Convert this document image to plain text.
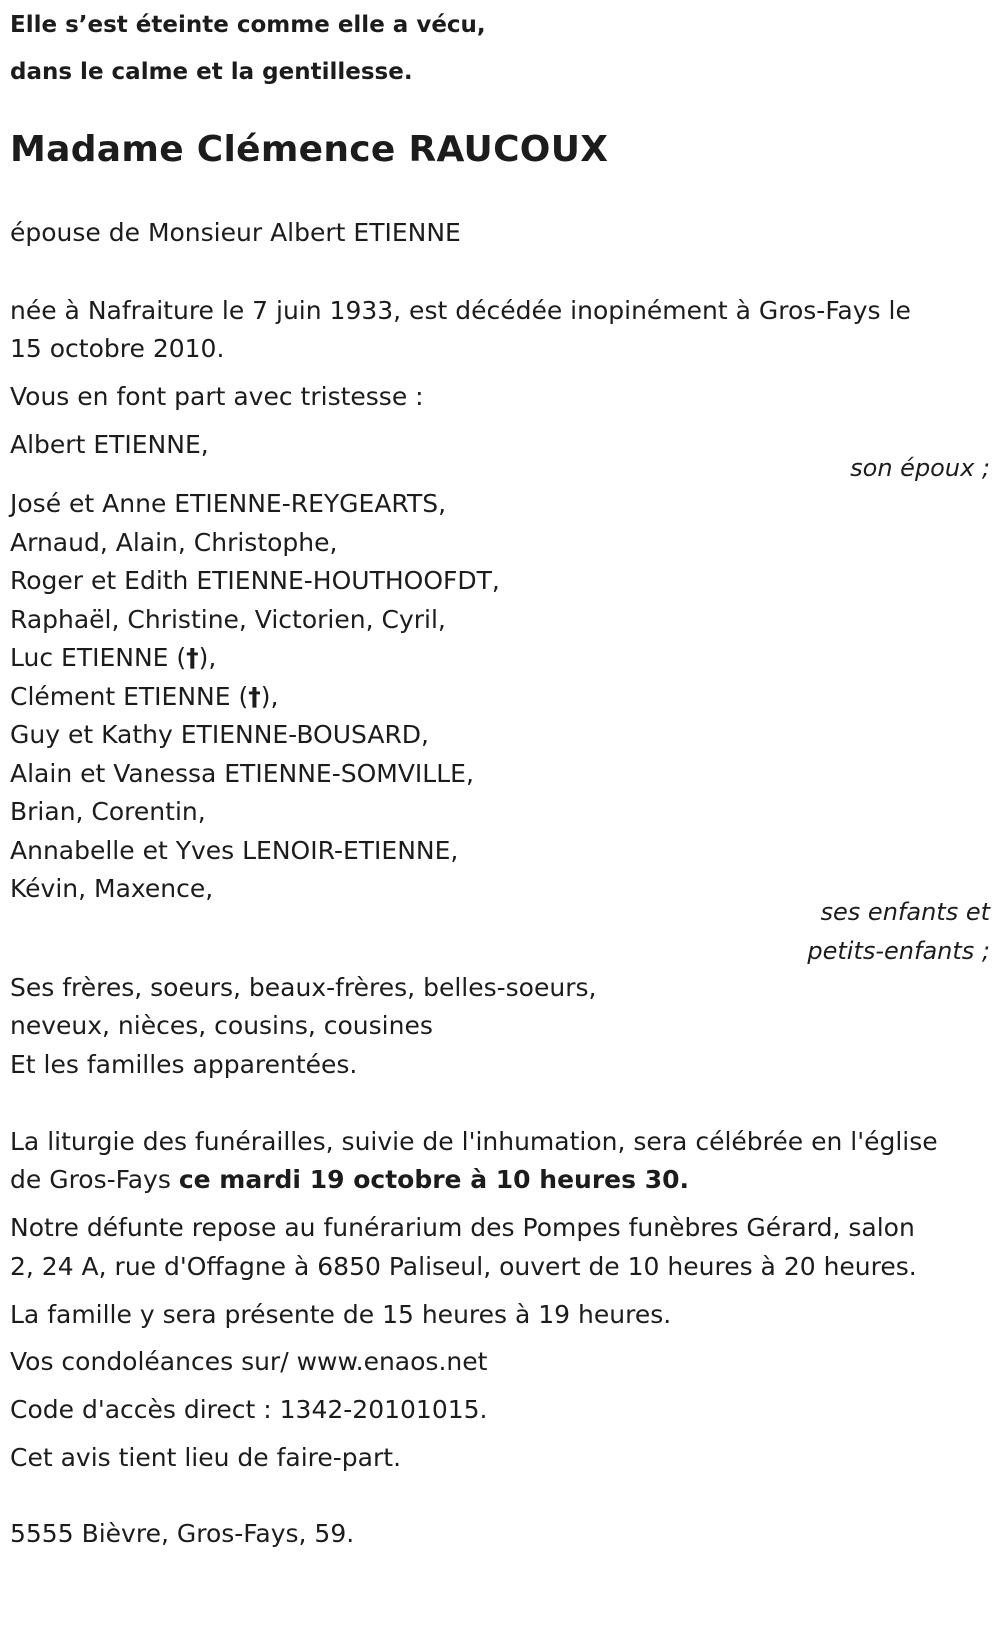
Elle s’est éteinte comme elle a vécu,
dans le calme et la gentillesse.
Madame Clémence RAUCOUX
épouse de Monsieur Albert ETIENNE
née à Nafraiture le 7 juin 1933, est décédée inopinément à Gros-Fays le
15 octobre 2010.
Vous en font part avec tristesse :
Albert ETIENNE,
son époux ;
José et Anne ETIENNE-REYGEARTS,
Arnaud, Alain, Christophe,
Roger et Edith ETIENNE-HOUTHOOFDT,
Raphaël, Christine, Victorien, Cyril,
Luc ETIENNE (†),
Clément ETIENNE (†),
Guy et Kathy ETIENNE-BOUSARD,
Alain et Vanessa ETIENNE-SOMVILLE,
Brian, Corentin,
Annabelle et Yves LENOIR-ETIENNE,
Kévin, Maxence,
ses enfants et
petits-enfants ;
Ses frères, soeurs, beaux-frères, belles-soeurs,
neveux, nièces, cousins, cousines
Et les familles apparentées.
La liturgie des funérailles, suivie de l'inhumation, sera célébrée en l'église
de Gros-Fays ce mardi 19 octobre à 10 heures 30.
Notre défunte repose au funérarium des Pompes funèbres Gérard, salon
2, 24 A, rue d'Offagne à 6850 Paliseul, ouvert de 10 heures à 20 heures.
La famille y sera présente de 15 heures à 19 heures.
Vos condoléances sur/ www.enaos.net
Code d'accès direct : 1342-20101015.
Cet avis tient lieu de faire-part.
5555 Bièvre, Gros-Fays, 59.
